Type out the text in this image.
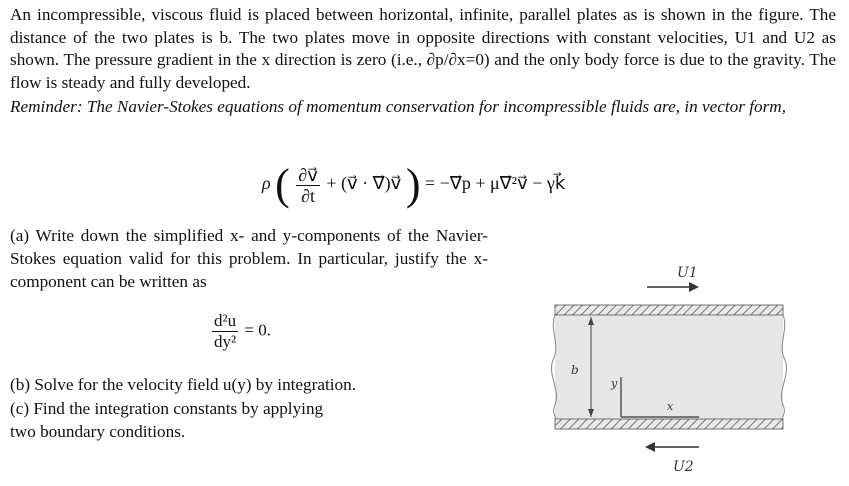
An incompressible, viscous fluid is placed between horizontal, infinite, parallel plates as is shown in the figure. The distance of the two plates is b. The two plates move in opposite directions with constant velocities, U1 and U2 as shown. The pressure gradient in the x direction is zero (i.e., ∂p/∂x=0) and the only body force is due to the gravity. The flow is steady and fully developed.
Reminder: The Navier-Stokes equations of momentum conservation for incompressible fluids are, in vector form,
ρ ( $\frac{\partial v⃗}{\partial t}$ + (v⃗ · ∇⃗)v⃗ ) = −∇⃗p + μ∇⃗²v⃗ − γk⃗
(a) Write down the simplified x- and y-components of the Navier-Stokes equation valid for this problem. In particular, justify the x-component can be written as
$\frac{\text{d²u}}{\text{dy²}} = 0$.
(b) Solve for the velocity field u(y) by integration.
(c) Find the integration constants by applying
two boundary conditions.
U1
U2
b
y
x
